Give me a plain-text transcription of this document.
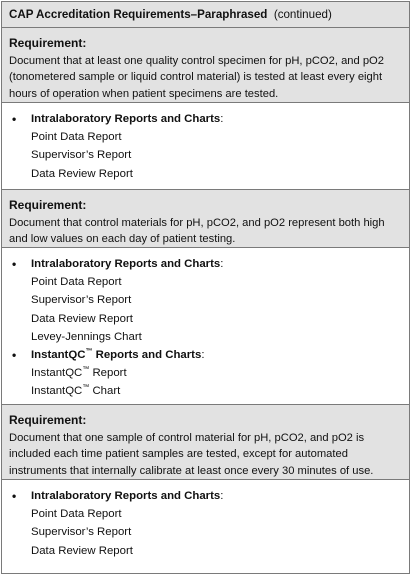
CAP Accreditation Requirements–Paraphrased (continued)
Requirement:
Document that at least one quality control specimen for pH, pCO2, and pO2 (tonometered sample or liquid control material) is tested at least every eight hours of operation when patient specimens are tested.
• Intralaboratory Reports and Charts:
Point Data Report
Supervisor’s Report
Data Review Report
Requirement:
Document that control materials for pH, pCO2, and pO2 represent both high and low values on each day of patient testing.
• Intralaboratory Reports and Charts:
Point Data Report
Supervisor’s Report
Data Review Report
Levey-Jennings Chart
• InstantQC™ Reports and Charts:
InstantQC™ Report
InstantQC™ Chart
Requirement:
Document that one sample of control material for pH, pCO2, and pO2 is included each time patient samples are tested, except for automated instruments that internally calibrate at least once every 30 minutes of use.
• Intralaboratory Reports and Charts:
Point Data Report
Supervisor’s Report
Data Review Report
